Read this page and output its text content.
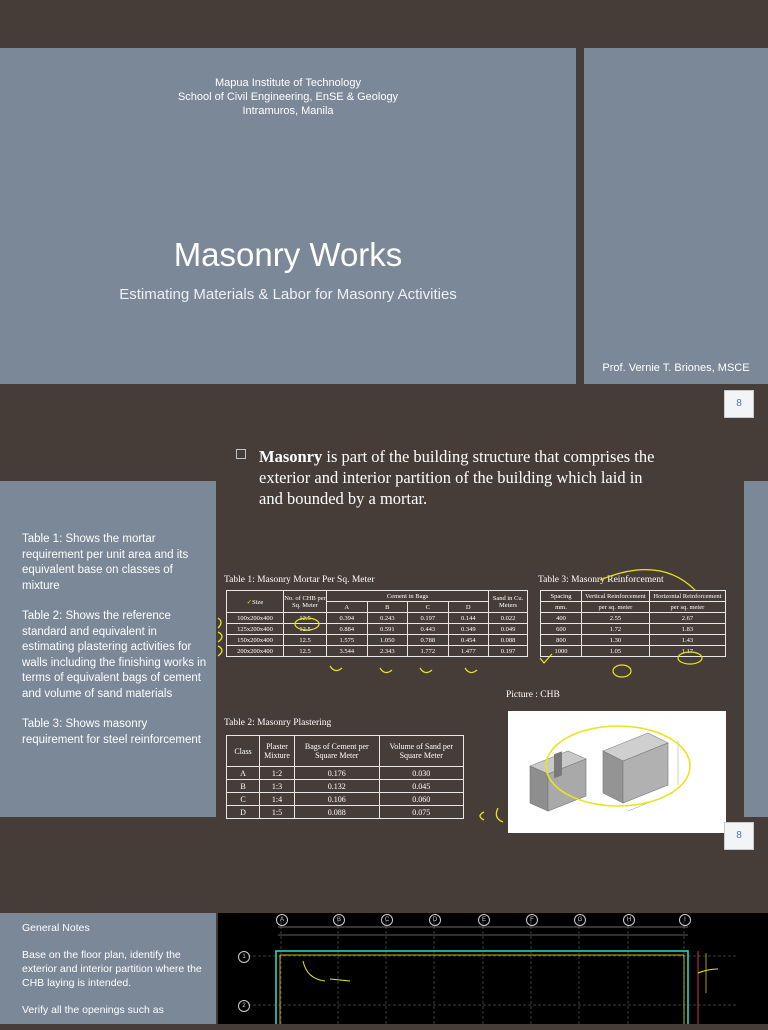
Mapua Institute of Technology
School of Civil Engineering, EnSE & Geology
Intramuros, Manila
Masonry Works
Estimating Materials & Labor for Masonry Activities
Prof. Vernie T. Briones, MSCE
8

Table 1: Shows the mortar requirement per unit area and its equivalent base on classes of mixture

Table 2: Shows the reference standard and equivalent in estimating plastering activities for walls including the finishing works in terms of equivalent bags of cement and volume of sand materials

Table 3: Shows masonry requirement for steel reinforcement

Masonry is part of the building structure that comprises the exterior and interior partition of the building which laid in and bounded by a mortar.
Table 1: Masonry Mortar Per Sq. Meter
✓Size	No. of CHB per Sq. Meter	Cement in Bags				Sand in Cu. Meters
		A	B	C	D	
100x200x400	12.5	0.394	0.243	0.197	0.144	0.022
125x200x400	12.5	0.884	0.591	0.443	0.349	0.049
150x200x400	12.5	1.575	1.050	0.788	0.454	0.088
200x200x400	12.5	3.544	2.343	1.772	1.477	0.197
Table 3: Masonry Reinforcement
Spacing	Vertical Reinforcement	Horizontal Reinforcement
mm.	per sq. meter	per sq. meter
400	2.55	2.67
600	1.72	1.83
800	1.30	1.43
1000	1.05	1.17
Table 2: Masonry Plastering
Class	Plaster Mixture	Bags of Cement per Square Meter	Volume of Sand per Square Meter
A	1:2	0.176	0.030
B	1:3	0.132	0.045
C	1:4	0.106	0.060
D	1:5	0.088	0.075
Picture : CHB
8

General Notes

Base on the floor plan, identify the exterior and interior partition where the CHB laying is intended.

Verify all the openings such as

A	B	C	D	E	F	G	H	I
1
2
